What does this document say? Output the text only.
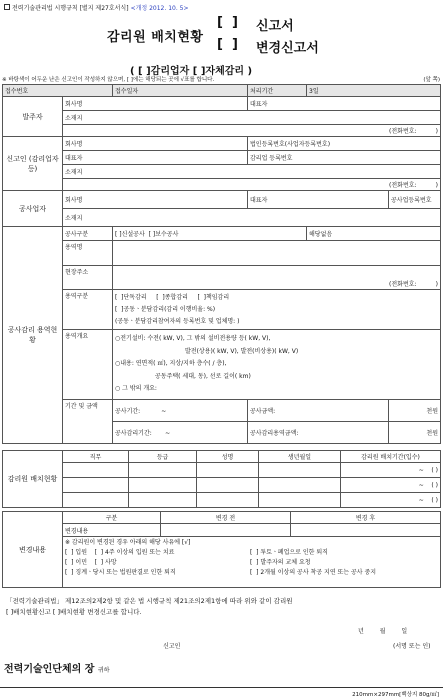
전력기술관리법 시행규칙 [별지 제27호서식] <개정 2012. 10. 5>
감리원 배치현황
[  ] 신고서
[  ] 변경신고서
( [ ]감리업자 [ ]자체감리 )
※ 바탕색이 어두운 난은 신고인이 작성하지 않으며, [ ]에는 해당되는 곳에 √표를 합니다.	(앞 쪽)
접수번호		접수일자	처리기간	3일	
발주자	회사명		대표자		
	소재지				
	(전화번호:          )				
신고인 (감리업자등)	회사명		법인등록번호(사업자등록번호)		
	대표자		감리업 등록번호		
	소재지				
	(전화번호:          )				
공사업자	회사명		대표자		공사업등록번호
	소재지				
공사감리 용역현황	공사구분	[ ]신설공사  [ ]보수공사		해당없음	
	용역명				
	현장주소	(전화번호:          )			
	용역구분	[  ]단독감리     [  ]종합감리     [  ]책임감리
[  ]공동ㆍ분담감리(감리 이행비율: %)
(공동ㆍ분담감리참여자의 등록번호 및 업체명: )			
	용역개요	○전기설비: 수전( kW, V), 그 밖의 설비전용량 등( kW, V),
발전(상용)( kW, V), 발전(비상용)( kW, V)
○내용: 연면적( ㎡), 지상/지하 층수( / 층),
공동주택( 세대, 동), 선로 길이( km)
○ 그 밖의 개요:			
	기간 및 금액	공사기간: ~	공사금액:		천원
		공사감리기간: ~	공사감리용역금액:		천원
감리원 배치현황	직무	등급	성명	생년월일	감리원 배치기간(입수)
					~ ( )
					~ ( )
					~ ( )
변경내용	구분	변경 전	변경 후
	변경내용		
	※ 감리원이 변경된 경우 아래의 해당 사유에 [√]
[  ] 입원    [  ] 4주 이상의 입원 또는 치료 [  ] 투토ㆍ폐업으로 인한 퇴직
[  ] 이민    [  ] 사망 [  ] 발주자의 교체 요청
[  ] 징계ㆍ당시 또는 법원판결로 인한 퇴직 [  ] 2개월 이상의 공사 착공 지연 또는 공사 중지		
「전력기술관리법」 제12조의2제2항 및 같은 법 시행규칙 제21조의2제1항에 따라 위와 같이 감리원
[ ]배치현황신고 [ ]배치현황 변경신고를 합니다.
년 월 일
신고인	(서명 또는 인)
전력기술인단체의 장 귀하
210mm×297mm[백상지 80g/㎡]
